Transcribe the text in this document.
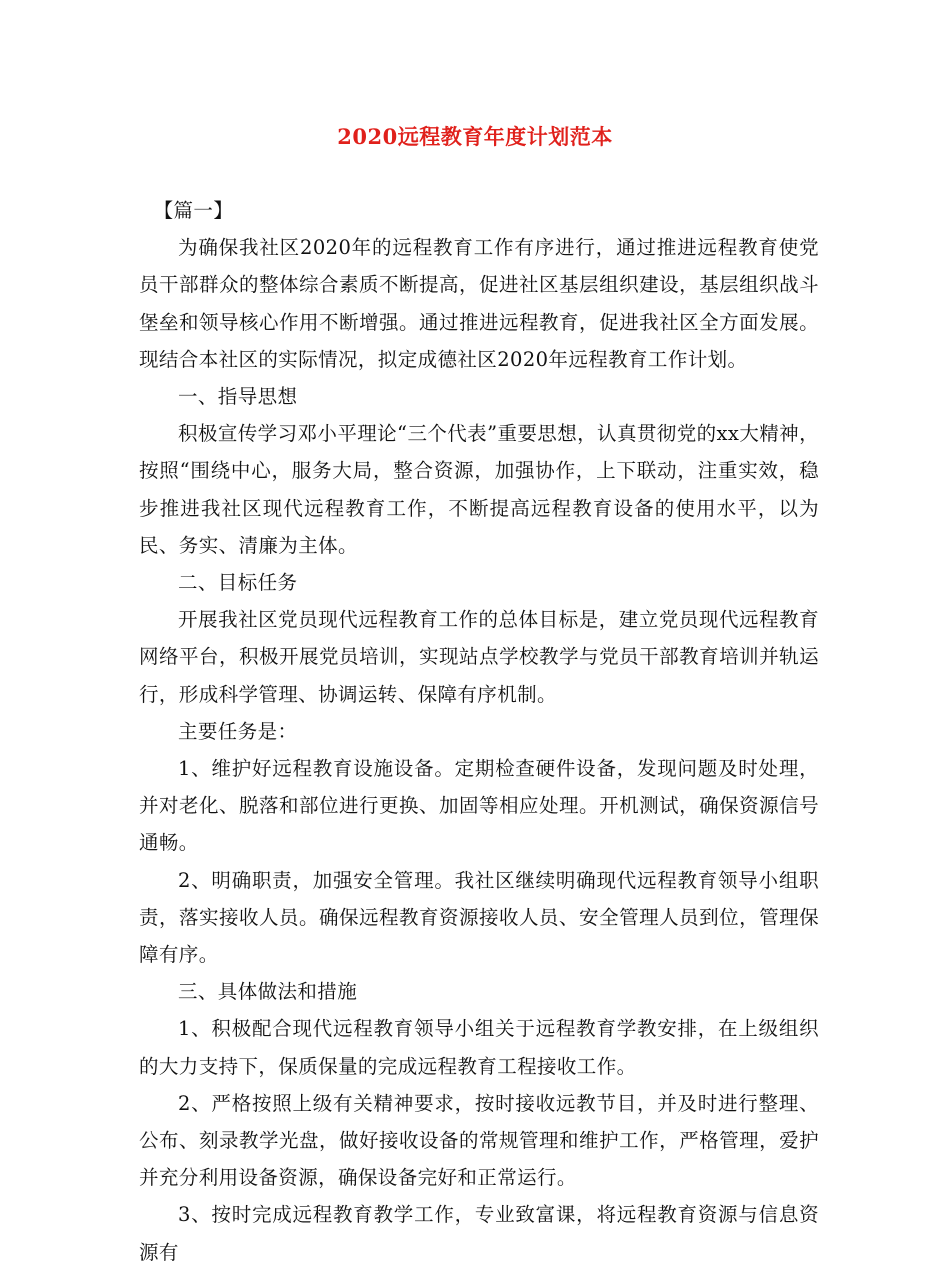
2020远程教育年度计划范本

【篇一】

为确保我社区2020年的远程教育工作有序进行，通过推进远程教育使党员干部群众的整体综合素质不断提高，促进社区基层组织建设，基层组织战斗堡垒和领导核心作用不断增强。通过推进远程教育，促进我社区全方面发展。现结合本社区的实际情况，拟定成德社区2020年远程教育工作计划。

一、指导思想

积极宣传学习邓小平理论“三个代表”重要思想，认真贯彻党的xx大精神，按照“围绕中心，服务大局，整合资源，加强协作，上下联动，注重实效，稳步推进我社区现代远程教育工作，不断提高远程教育设备的使用水平，以为民、务实、清廉为主体。

二、目标任务

开展我社区党员现代远程教育工作的总体目标是，建立党员现代远程教育网络平台，积极开展党员培训，实现站点学校教学与党员干部教育培训并轨运行，形成科学管理、协调运转、保障有序机制。

主要任务是：

1、维护好远程教育设施设备。定期检查硬件设备，发现问题及时处理，并对老化、脱落和部位进行更换、加固等相应处理。开机测试，确保资源信号通畅。

2、明确职责，加强安全管理。我社区继续明确现代远程教育领导小组职责，落实接收人员。确保远程教育资源接收人员、安全管理人员到位，管理保障有序。

三、具体做法和措施

1、积极配合现代远程教育领导小组关于远程教育学教安排，在上级组织的大力支持下，保质保量的完成远程教育工程接收工作。

2、严格按照上级有关精神要求，按时接收远教节目，并及时进行整理、公布、刻录教学光盘，做好接收设备的常规管理和维护工作，严格管理，爱护并充分利用设备资源，确保设备完好和正常运行。

3、按时完成远程教育教学工作，专业致富课，将远程教育资源与信息资源有
